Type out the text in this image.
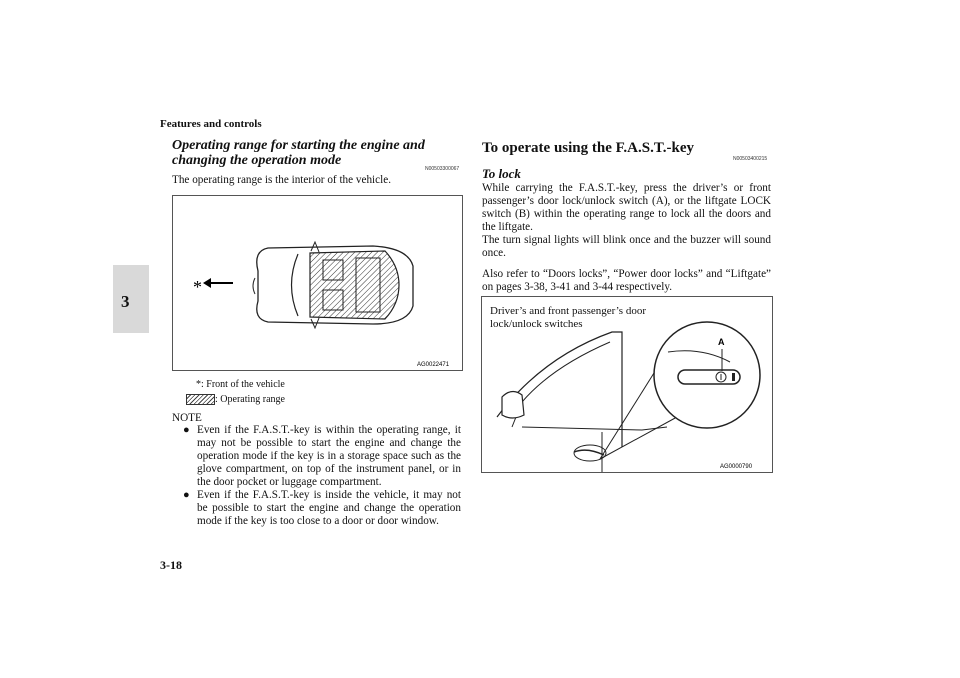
Features and controls
3
Operating range for starting the engine and changing the operation mode
N00503300067
The operating range is the interior of the vehicle.
*
AG0022471
*: Front of the vehicle
: Operating range
NOTE
● Even if the F.A.S.T.-key is within the operating range, it may not be possible to start the engine and change the operation mode if the key is in a storage space such as the glove compartment, on top of the instrument panel, or in the door pocket or luggage compartment.
● Even if the F.A.S.T.-key is inside the vehicle, it may not be possible to start the engine and change the operation mode if the key is too close to a door or door window.
To operate using the F.A.S.T.-key
N00503400215
To lock
While carrying the F.A.S.T.-key, press the driver’s or front passenger’s door lock/unlock switch (A), or the liftgate LOCK switch (B) within the operating range to lock all the doors and the liftgate.
The turn signal lights will blink once and the buzzer will sound once.
Also refer to “Doors locks”, “Power door locks” and “Liftgate” on pages 3-38, 3-41 and 3-44 respectively.
A
AG0000790
Driver’s and front passenger’s door lock/unlock switches
3-18
